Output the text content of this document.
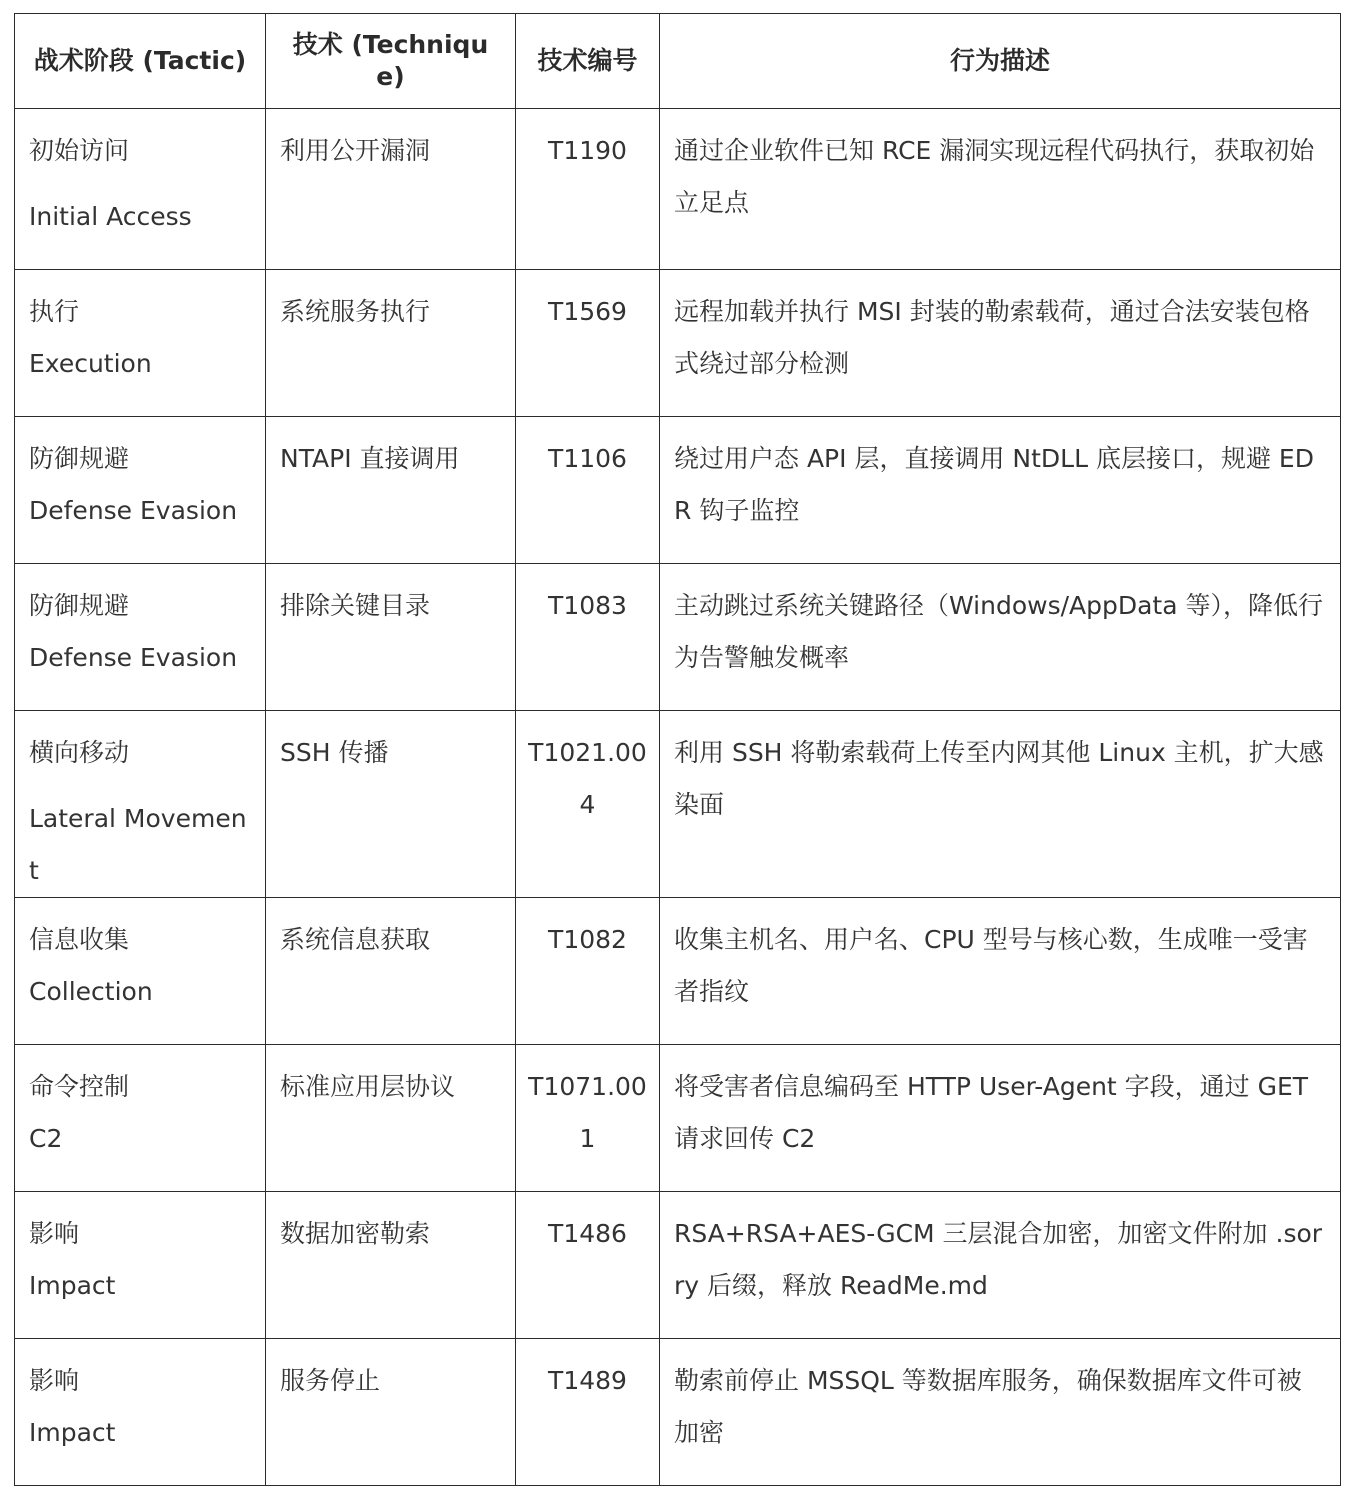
战术阶段 (Tactic)	技术 (Technique)	技术编号	行为描述

初始访问
Initial Access	利用公开漏洞	T1190	通过企业软件已知 RCE 漏洞实现远程代码执行，获取初始立足点

执行
Execution	系统服务执行	T1569	远程加载并执行 MSI 封装的勒索载荷，通过合法安装包格式绕过部分检测

防御规避
Defense Evasion	NTAPI 直接调用	T1106	绕过用户态 API 层，直接调用 NtDLL 底层接口，规避 EDR 钩子监控

防御规避
Defense Evasion	排除关键目录	T1083	主动跳过系统关键路径（Windows/AppData 等），降低行为告警触发概率

横向移动
Lateral Movement	SSH 传播	T1021.004	利用 SSH 将勒索载荷上传至内网其他 Linux 主机，扩大感染面

信息收集
Collection	系统信息获取	T1082	收集主机名、用户名、CPU 型号与核心数，生成唯一受害者指纹

命令控制
C2	标准应用层协议	T1071.001	将受害者信息编码至 HTTP User-Agent 字段，通过 GET 请求回传 C2

影响
Impact	数据加密勒索	T1486	RSA+RSA+AES-GCM 三层混合加密，加密文件附加 .sorry 后缀，释放 ReadMe.md

影响
Impact	服务停止	T1489	勒索前停止 MSSQL 等数据库服务，确保数据库文件可被加密
